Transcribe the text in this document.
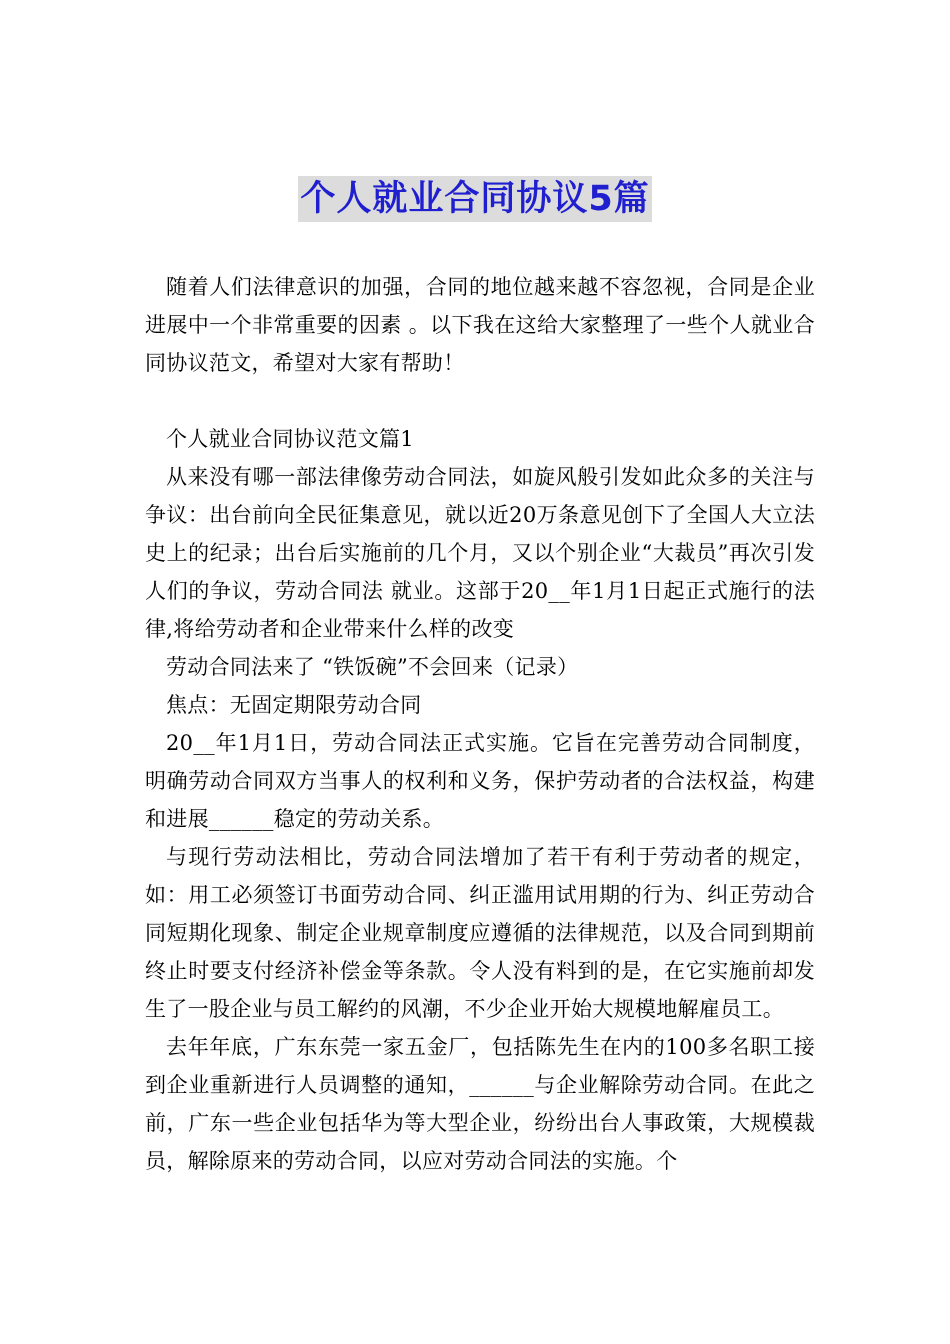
个人就业合同协议5篇

随着人们法律意识的加强，合同的地位越来越不容忽视，合同是企业进展中一个非常重要的因素 。以下我在这给大家整理了一些个人就业合同协议范文，希望对大家有帮助！

个人就业合同协议范文篇1

从来没有哪一部法律像劳动合同法，如旋风般引发如此众多的关注与争议：出台前向全民征集意见，就以近20万条意见创下了全国人大立法史上的纪录；出台后实施前的几个月，又以个别企业“大裁员”再次引发人们的争议，劳动合同法 就业。这部于20__年1月1日起正式施行的法律,将给劳动者和企业带来什么样的改变

劳动合同法来了 “铁饭碗”不会回来（记录）

焦点：无固定期限劳动合同

20__年1月1日，劳动合同法正式实施。它旨在完善劳动合同制度，明确劳动合同双方当事人的权利和义务，保护劳动者的合法权益，构建和进展______稳定的劳动关系。

与现行劳动法相比，劳动合同法增加了若干有利于劳动者的规定，如：用工必须签订书面劳动合同、纠正滥用试用期的行为、纠正劳动合同短期化现象、制定企业规章制度应遵循的法律规范，以及合同到期前终止时要支付经济补偿金等条款。令人没有料到的是，在它实施前却发生了一股企业与员工解约的风潮，不少企业开始大规模地解雇员工。

去年年底，广东东莞一家五金厂，包括陈先生在内的100多名职工接到企业重新进行人员调整的通知，______与企业解除劳动合同。在此之前，广东一些企业包括华为等大型企业，纷纷出台人事政策，大规模裁员，解除原来的劳动合同，以应对劳动合同法的实施。个
